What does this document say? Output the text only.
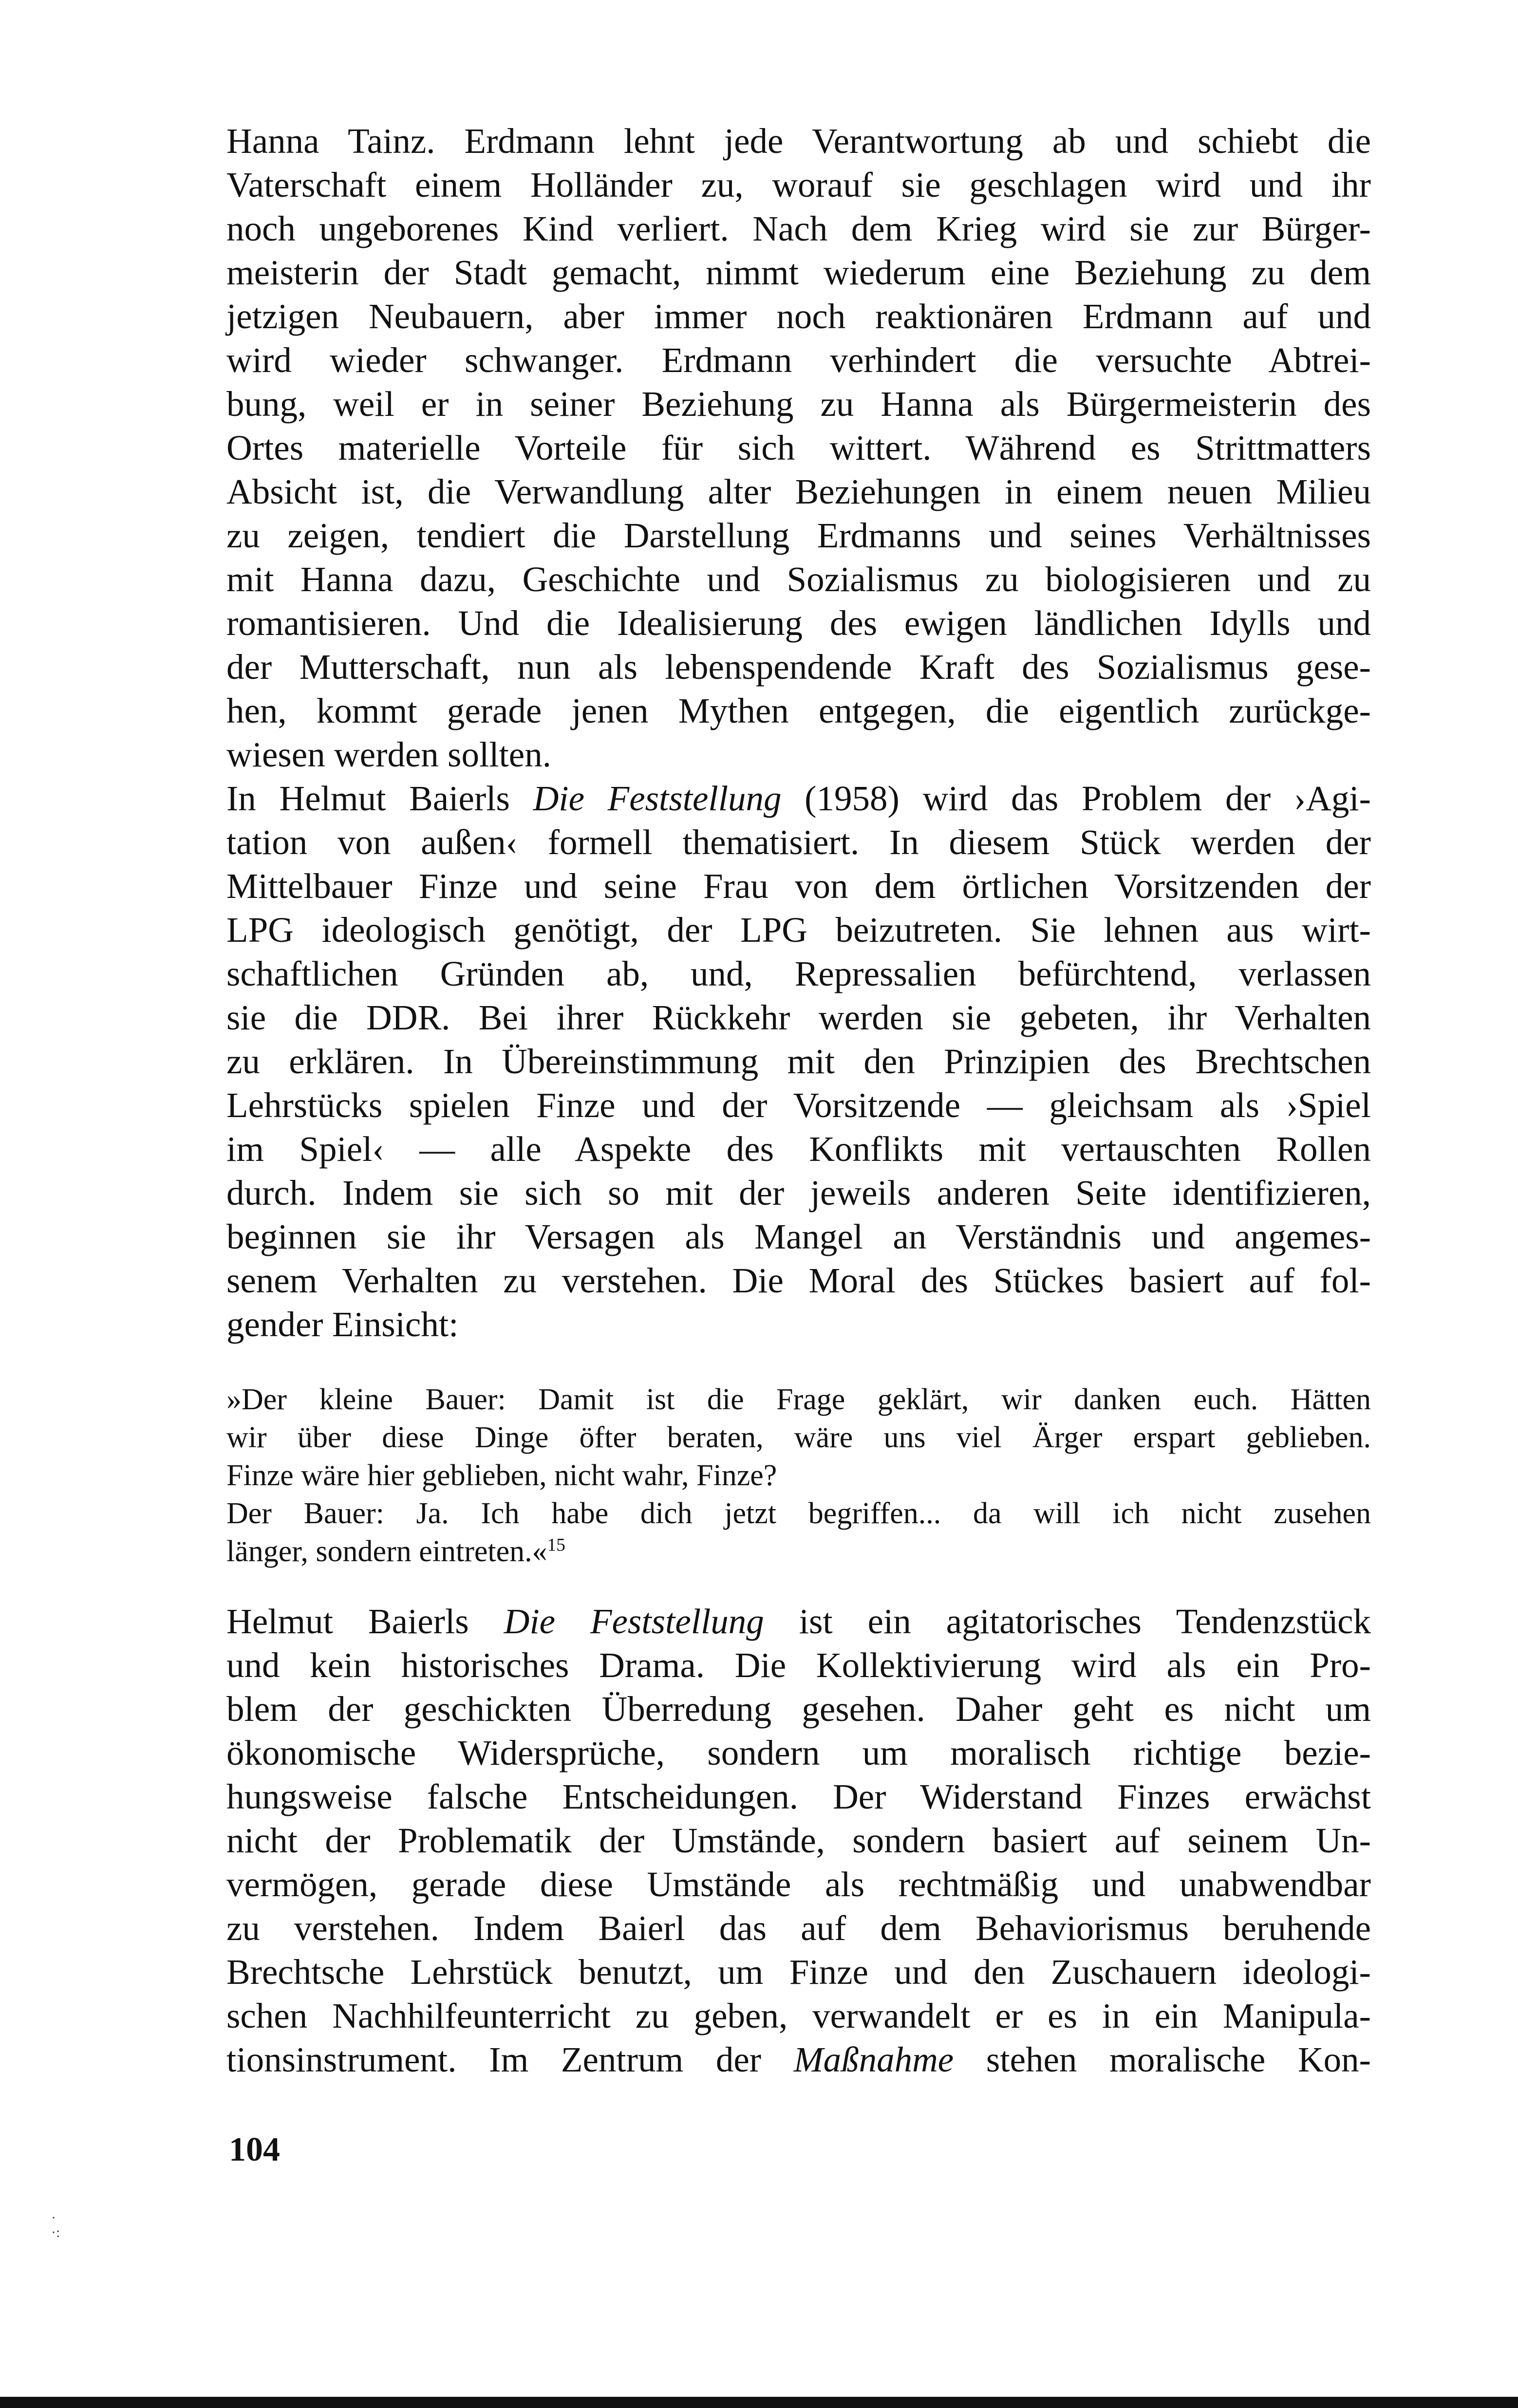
Hanna Tainz. Erdmann lehnt jede Verantwortung ab und schiebt die
Vaterschaft einem Holländer zu, worauf sie geschlagen wird und ihr
noch ungeborenes Kind verliert. Nach dem Krieg wird sie zur Bürger-
meisterin der Stadt gemacht, nimmt wiederum eine Beziehung zu dem
jetzigen Neubauern, aber immer noch reaktionären Erdmann auf und
wird wieder schwanger. Erdmann verhindert die versuchte Abtrei-
bung, weil er in seiner Beziehung zu Hanna als Bürgermeisterin des
Ortes materielle Vorteile für sich wittert. Während es Strittmatters
Absicht ist, die Verwandlung alter Beziehungen in einem neuen Milieu
zu zeigen, tendiert die Darstellung Erdmanns und seines Verhältnisses
mit Hanna dazu, Geschichte und Sozialismus zu biologisieren und zu
romantisieren. Und die Idealisierung des ewigen ländlichen Idylls und
der Mutterschaft, nun als lebenspendende Kraft des Sozialismus gese-
hen, kommt gerade jenen Mythen entgegen, die eigentlich zurückge-
wiesen werden sollten.
In Helmut Baierls Die Feststellung (1958) wird das Problem der ›Agi-
tation von außen‹ formell thematisiert. In diesem Stück werden der
Mittelbauer Finze und seine Frau von dem örtlichen Vorsitzenden der
LPG ideologisch genötigt, der LPG beizutreten. Sie lehnen aus wirt-
schaftlichen Gründen ab, und, Repressalien befürchtend, verlassen
sie die DDR. Bei ihrer Rückkehr werden sie gebeten, ihr Verhalten
zu erklären. In Übereinstimmung mit den Prinzipien des Brechtschen
Lehrstücks spielen Finze und der Vorsitzende — gleichsam als ›Spiel
im Spiel‹ — alle Aspekte des Konflikts mit vertauschten Rollen
durch. Indem sie sich so mit der jeweils anderen Seite identifizieren,
beginnen sie ihr Versagen als Mangel an Verständnis und angemes-
senem Verhalten zu verstehen. Die Moral des Stückes basiert auf fol-
gender Einsicht:
»Der kleine Bauer: Damit ist die Frage geklärt, wir danken euch. Hätten
wir über diese Dinge öfter beraten, wäre uns viel Ärger erspart geblieben.
Finze wäre hier geblieben, nicht wahr, Finze?
Der Bauer: Ja. Ich habe dich jetzt begriffen... da will ich nicht zusehen
länger, sondern eintreten.«$^{15}$
Helmut Baierls Die Feststellung ist ein agitatorisches Tendenzstück
und kein historisches Drama. Die Kollektivierung wird als ein Pro-
blem der geschickten Überredung gesehen. Daher geht es nicht um
ökonomische Widersprüche, sondern um moralisch richtige bezie-
hungsweise falsche Entscheidungen. Der Widerstand Finzes erwächst
nicht der Problematik der Umstände, sondern basiert auf seinem Un-
vermögen, gerade diese Umstände als rechtmäßig und unabwendbar
zu verstehen. Indem Baierl das auf dem Behaviorismus beruhende
Brechtsche Lehrstück benutzt, um Finze und den Zuschauern ideologi-
schen Nachhilfeunterricht zu geben, verwandelt er es in ein Manipula-
tionsinstrument. Im Zentrum der Maßnahme stehen moralische Kon-
104
·
·:
